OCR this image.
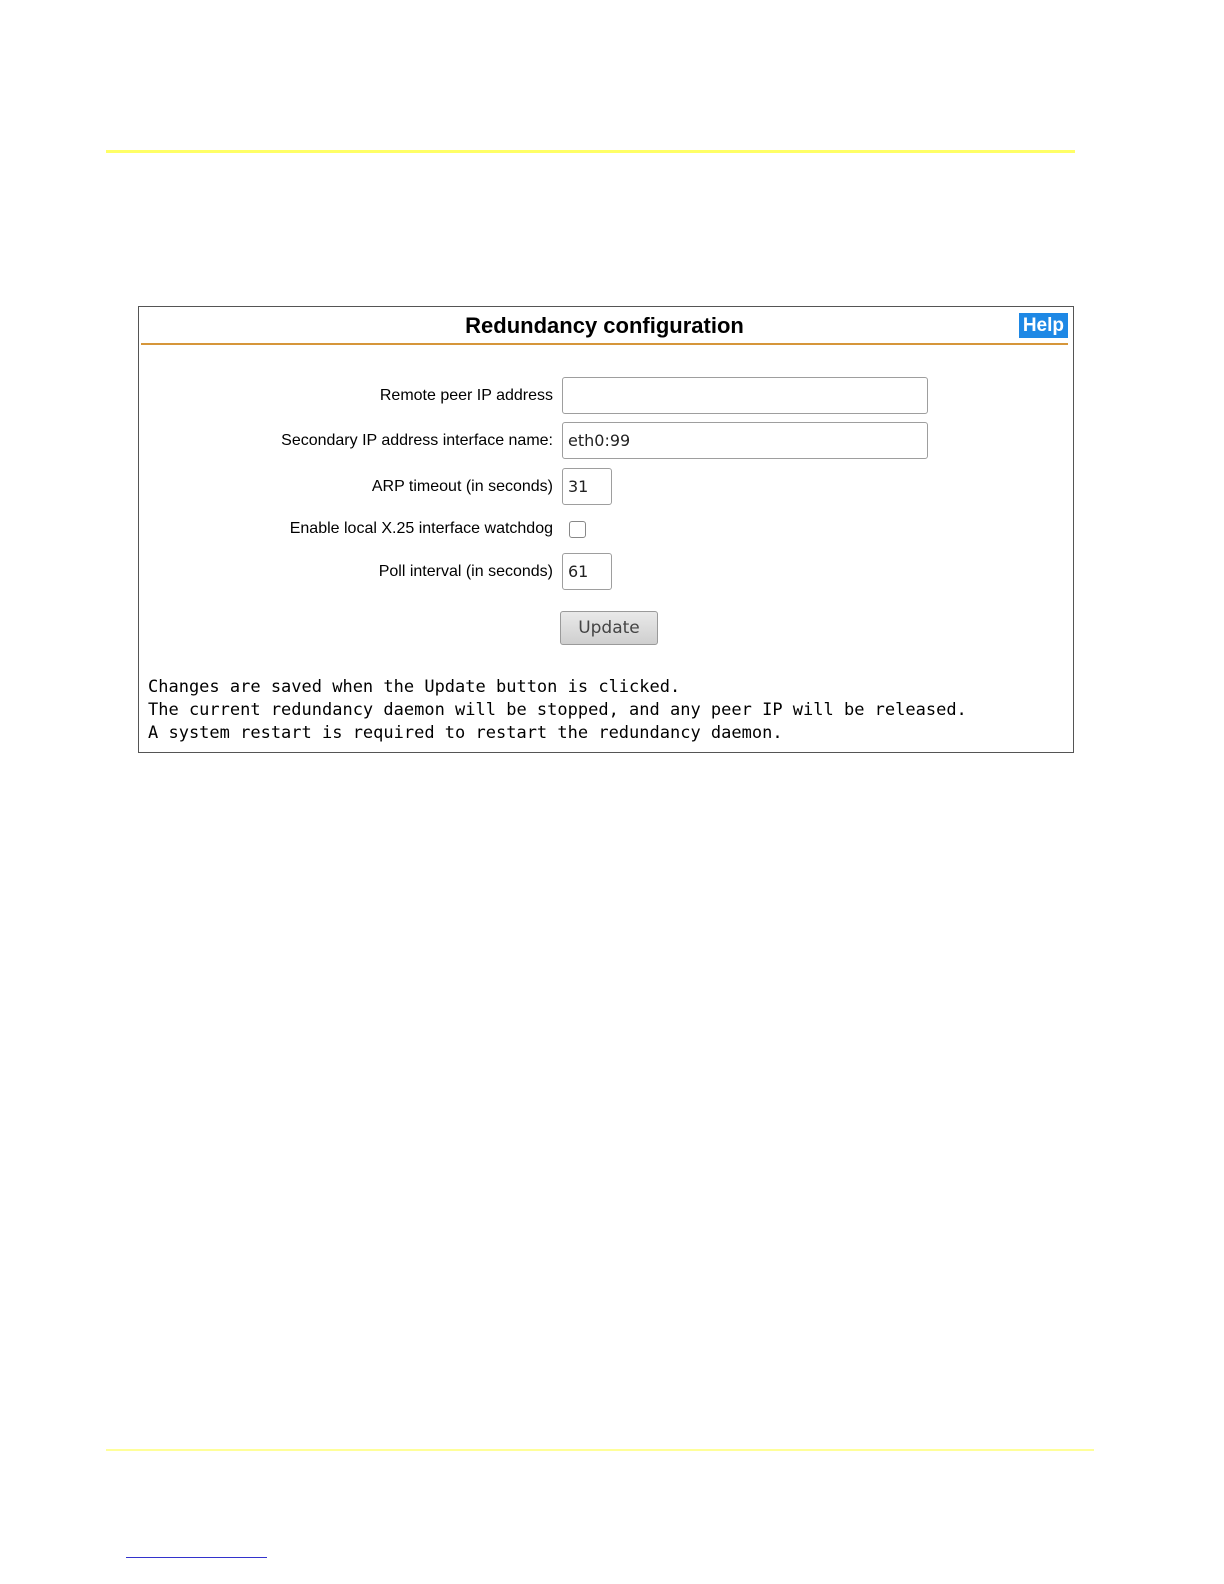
Redundancy configuration	Help
Remote peer IP address
Secondary IP address interface name:
eth0:99
ARP timeout (in seconds)
31
Enable local X.25 interface watchdog
Poll interval (in seconds)
61
Update
Changes are saved when the Update button is clicked.
The current redundancy daemon will be stopped, and any peer IP will be released.
A system restart is required to restart the redundancy daemon.
